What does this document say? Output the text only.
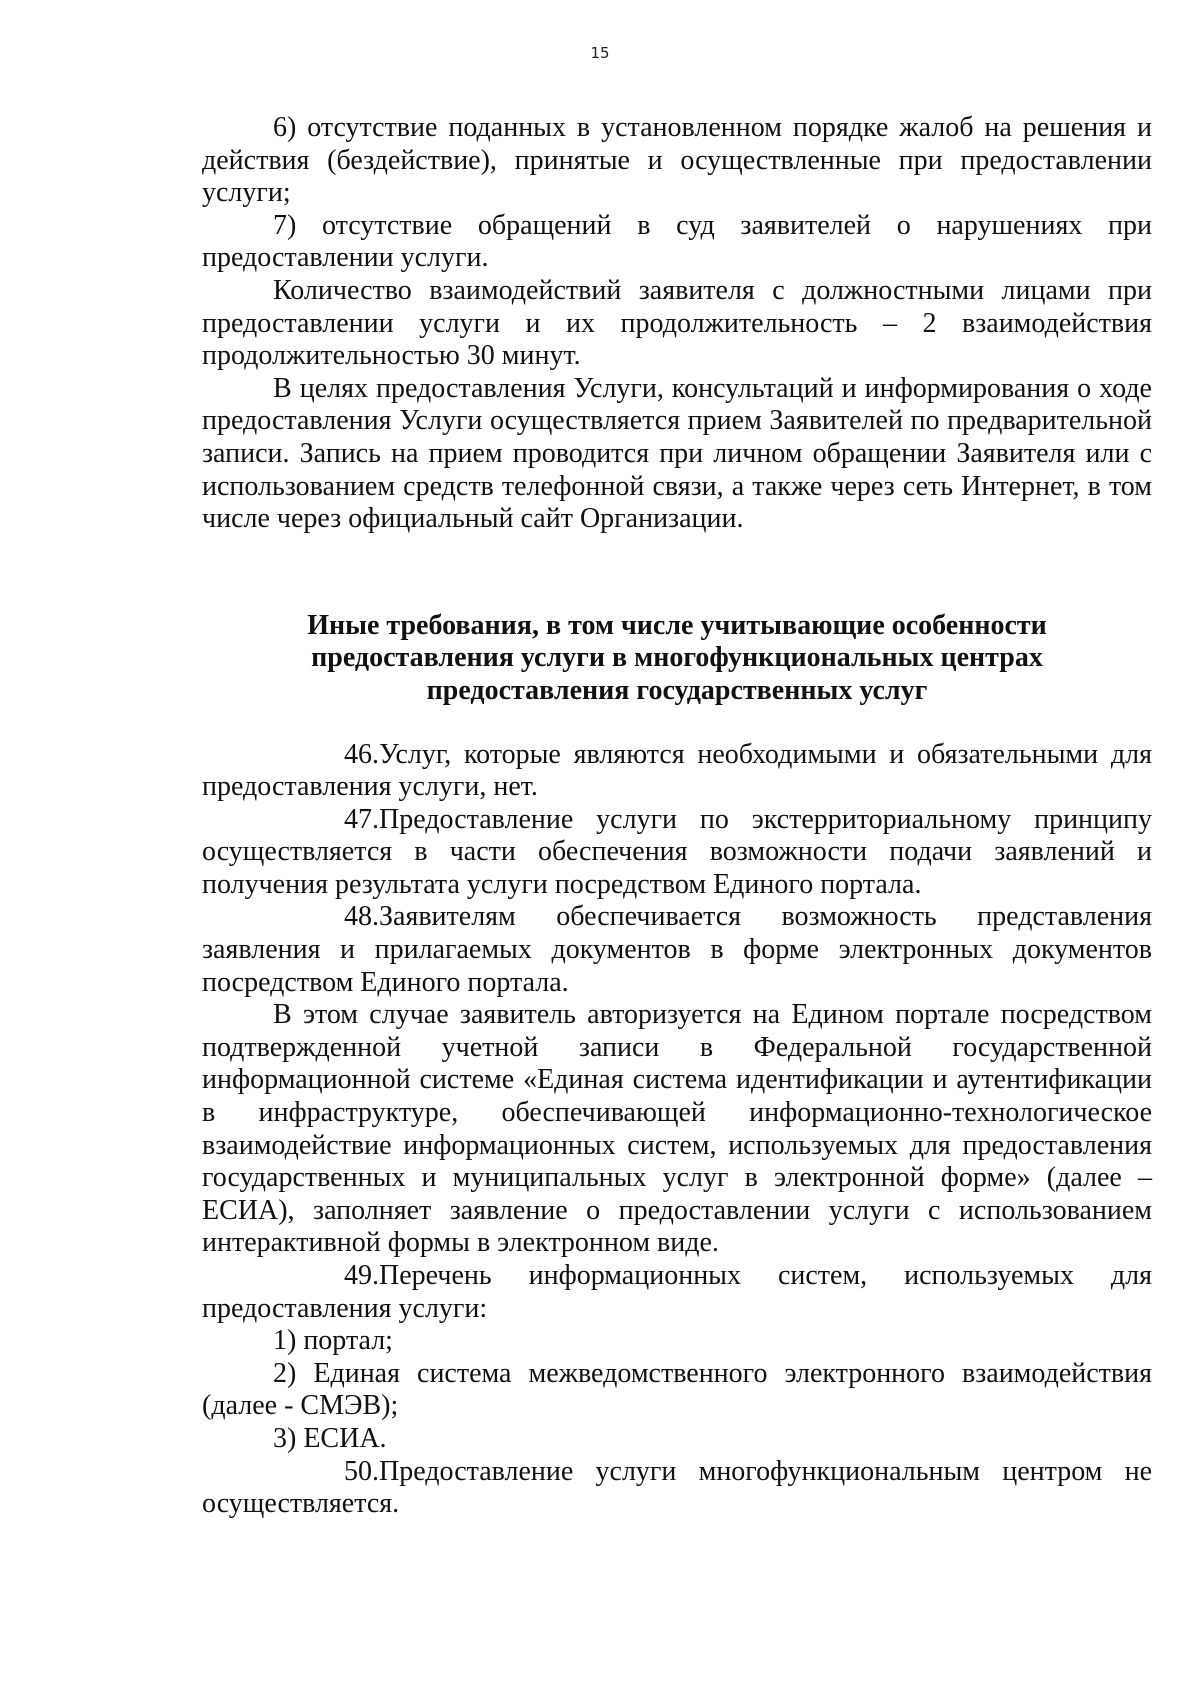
15

6) отсутствие поданных в установленном порядке жалоб на решения и действия (бездействие), принятые и осуществленные при предоставлении услуги;

7) отсутствие обращений в суд заявителей о нарушениях при предоставлении услуги.

Количество взаимодействий заявителя с должностными лицами при предоставлении услуги и их продолжительность – 2 взаимодействия продолжительностью 30 минут.

В целях предоставления Услуги, консультаций и информирования о ходе предоставления Услуги осуществляется прием Заявителей по предварительной записи. Запись на прием проводится при личном обращении Заявителя или с использованием средств телефонной связи, а также через сеть Интернет, в том числе через официальный сайт Организации.

Иные требования, в том числе учитывающие особенности
предоставления услуги в многофункциональных центрах
предоставления государственных услуг

46.Услуг, которые являются необходимыми и обязательными для предоставления услуги, нет.

47.Предоставление услуги по экстерриториальному принципу осуществляется в части обеспечения возможности подачи заявлений и получения результата услуги посредством Единого портала.

48.Заявителям обеспечивается возможность представления заявления и прилагаемых документов в форме электронных документов посредством Единого портала.

В этом случае заявитель авторизуется на Едином портале посредством подтвержденной учетной записи в Федеральной государственной информационной системе «Единая система идентификации и аутентификации в инфраструктуре, обеспечивающей информационно-технологическое взаимодействие информационных систем, используемых для предоставления государственных и муниципальных услуг в электронной форме» (далее – ЕСИА), заполняет заявление о предоставлении услуги с использованием интерактивной формы в электронном виде.

49.Перечень информационных систем, используемых для предоставления услуги:

1) портал;

2) Единая система межведомственного электронного взаимодействия (далее - СМЭВ);

3) ЕСИА.

50.Предоставление услуги многофункциональным центром не осуществляется.
